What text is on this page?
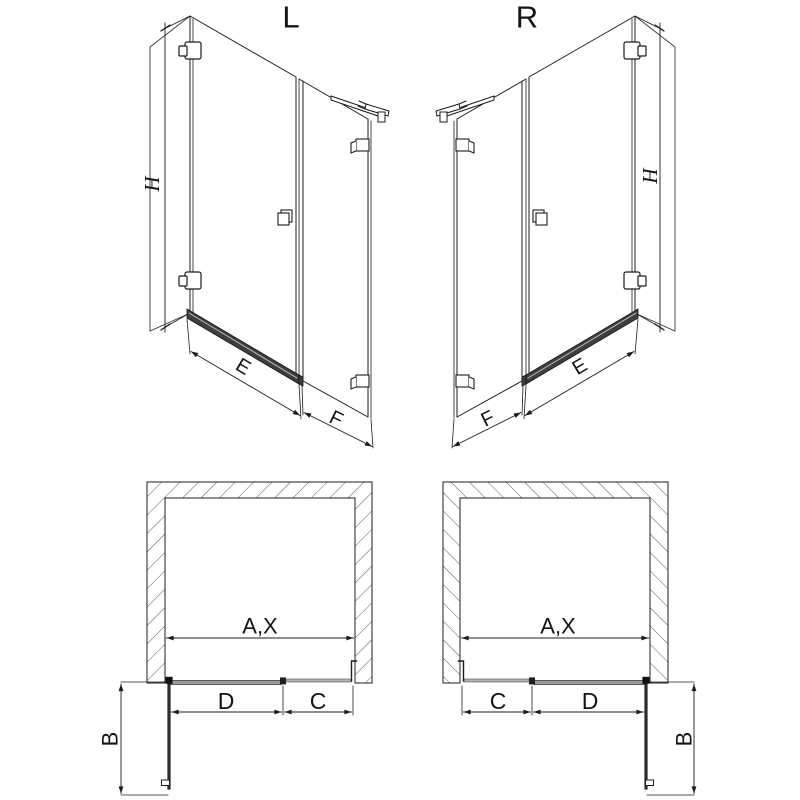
L	R
H
H
E	E
F	F
A,X	A,X
D	D
C	C
B	B
